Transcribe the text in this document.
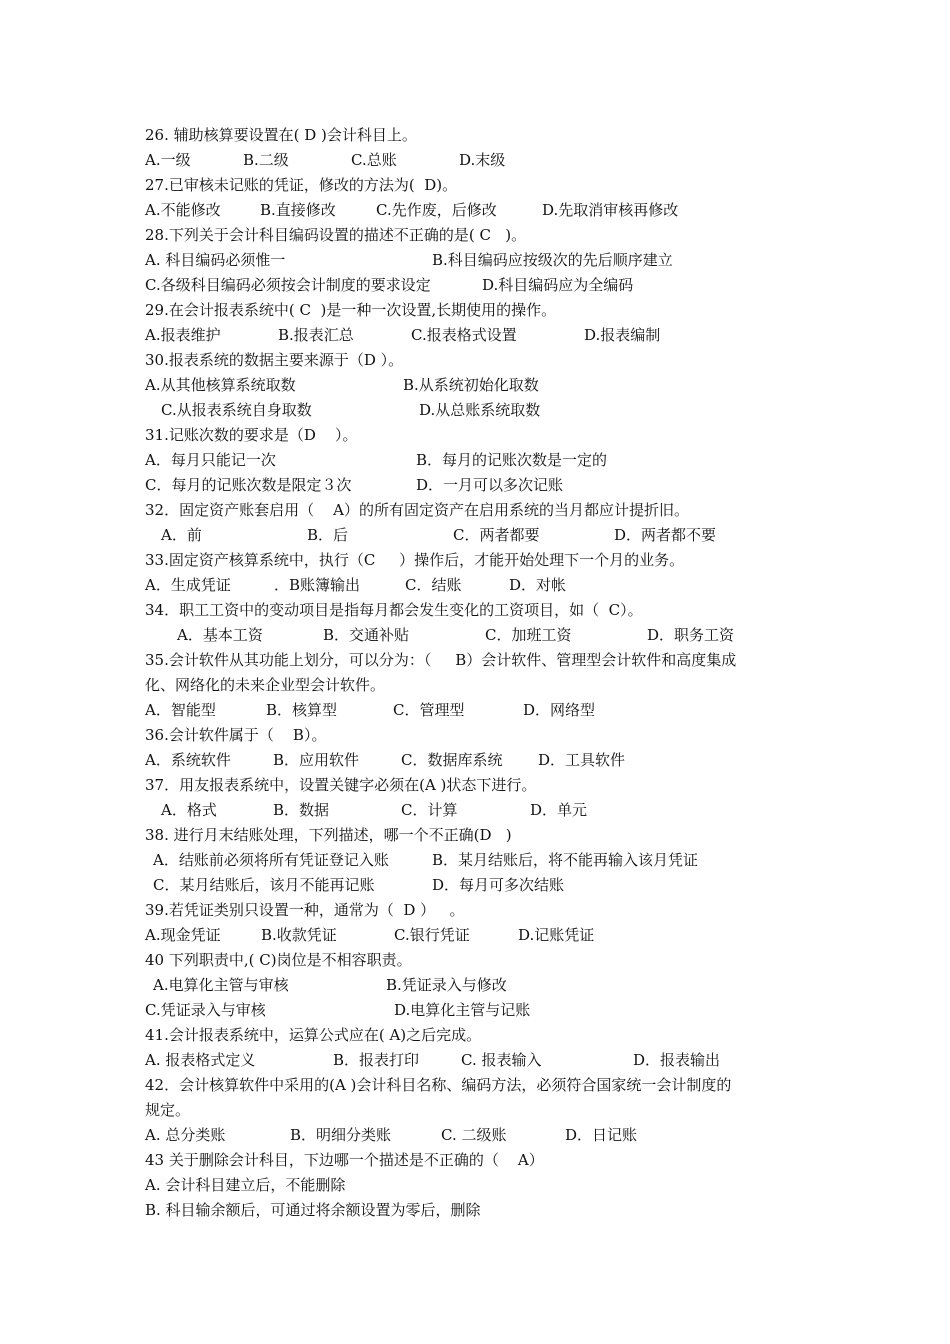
26. 辅助核算要设置在( D )会计科目上。
A.一级	B.二级	C.总账	D.末级
27.已审核未记账的凭证，修改的方法为(  D)。
A.不能修改	B.直接修改	C.先作废，后修改	D.先取消审核再修改
28.下列关于会计科目编码设置的描述不正确的是( C   )。
A. 科目编码必须惟一	B.科目编码应按级次的先后顺序建立
C.各级科目编码必须按会计制度的要求设定	D.科目编码应为全编码
29.在会计报表系统中( C  )是一种一次设置,长期使用的操作。
A.报表维护	B.报表汇总	C.报表格式设置	D.报表编制
30.报表系统的数据主要来源于（D ）。
A.从其他核算系统取数	B.从系统初始化取数
C.从报表系统自身取数	D.从总账系统取数
31.记账次数的要求是（D    ）。
A．每月只能记一次	B．每月的记账次数是一定的
C．每月的记账次数是限定３次	D．一月可以多次记账
32．固定资产账套启用（    A）的所有固定资产在启用系统的当月都应计提折旧。
A．前	B．后	C．两者都要	D．两者都不要
33.固定资产核算系统中，执行（C     ）操作后，才能开始处理下一个月的业务。
A．生成凭证	．B账簿输出	C．结账	D．对帐
34．职工工资中的变动项目是指每月都会发生变化的工资项目，如（  C）。
A．基本工资	B．交通补贴	C．加班工资	D．职务工资
35.会计软件从其功能上划分，可以分为：（     B）会计软件、管理型会计软件和高度集成
化、网络化的未来企业型会计软件。
A．智能型	B．核算型	C．管理型	D．网络型
36.会计软件属于（    B）。
A．系统软件	B．应用软件	C．数据库系统 D．工具软件
37．用友报表系统中，设置关键字必须在(A )状态下进行。
A．格式	B．数据	C．计算	D．单元
38. 进行月末结账处理，下列描述，哪一个不正确(D   )
A．结账前必须将所有凭证登记入账	B．某月结账后，将不能再输入该月凭证
C．某月结账后，该月不能再记账	D．每月可多次结账
39.若凭证类别只设置一种，通常为（  D ）   。
A.现金凭证	B.收款凭证	C.银行凭证	D.记账凭证
40 下列职责中,( C)岗位是不相容职责。
A.电算化主管与审核	B.凭证录入与修改
C.凭证录入与审核	D.电算化主管与记账
41.会计报表系统中，运算公式应在( A)之后完成。
A. 报表格式定义	B．报表打印	C. 报表输入	D．报表输出
42．会计核算软件中采用的(A )会计科目名称、编码方法，必须符合国家统一会计制度的
规定。
A. 总分类账	B．明细分类账	C. 二级账	D．日记账
43 关于删除会计科目，下边哪一个描述是不正确的（    A）
A. 会计科目建立后，不能删除
B. 科目输余额后，可通过将余额设置为零后，删除
